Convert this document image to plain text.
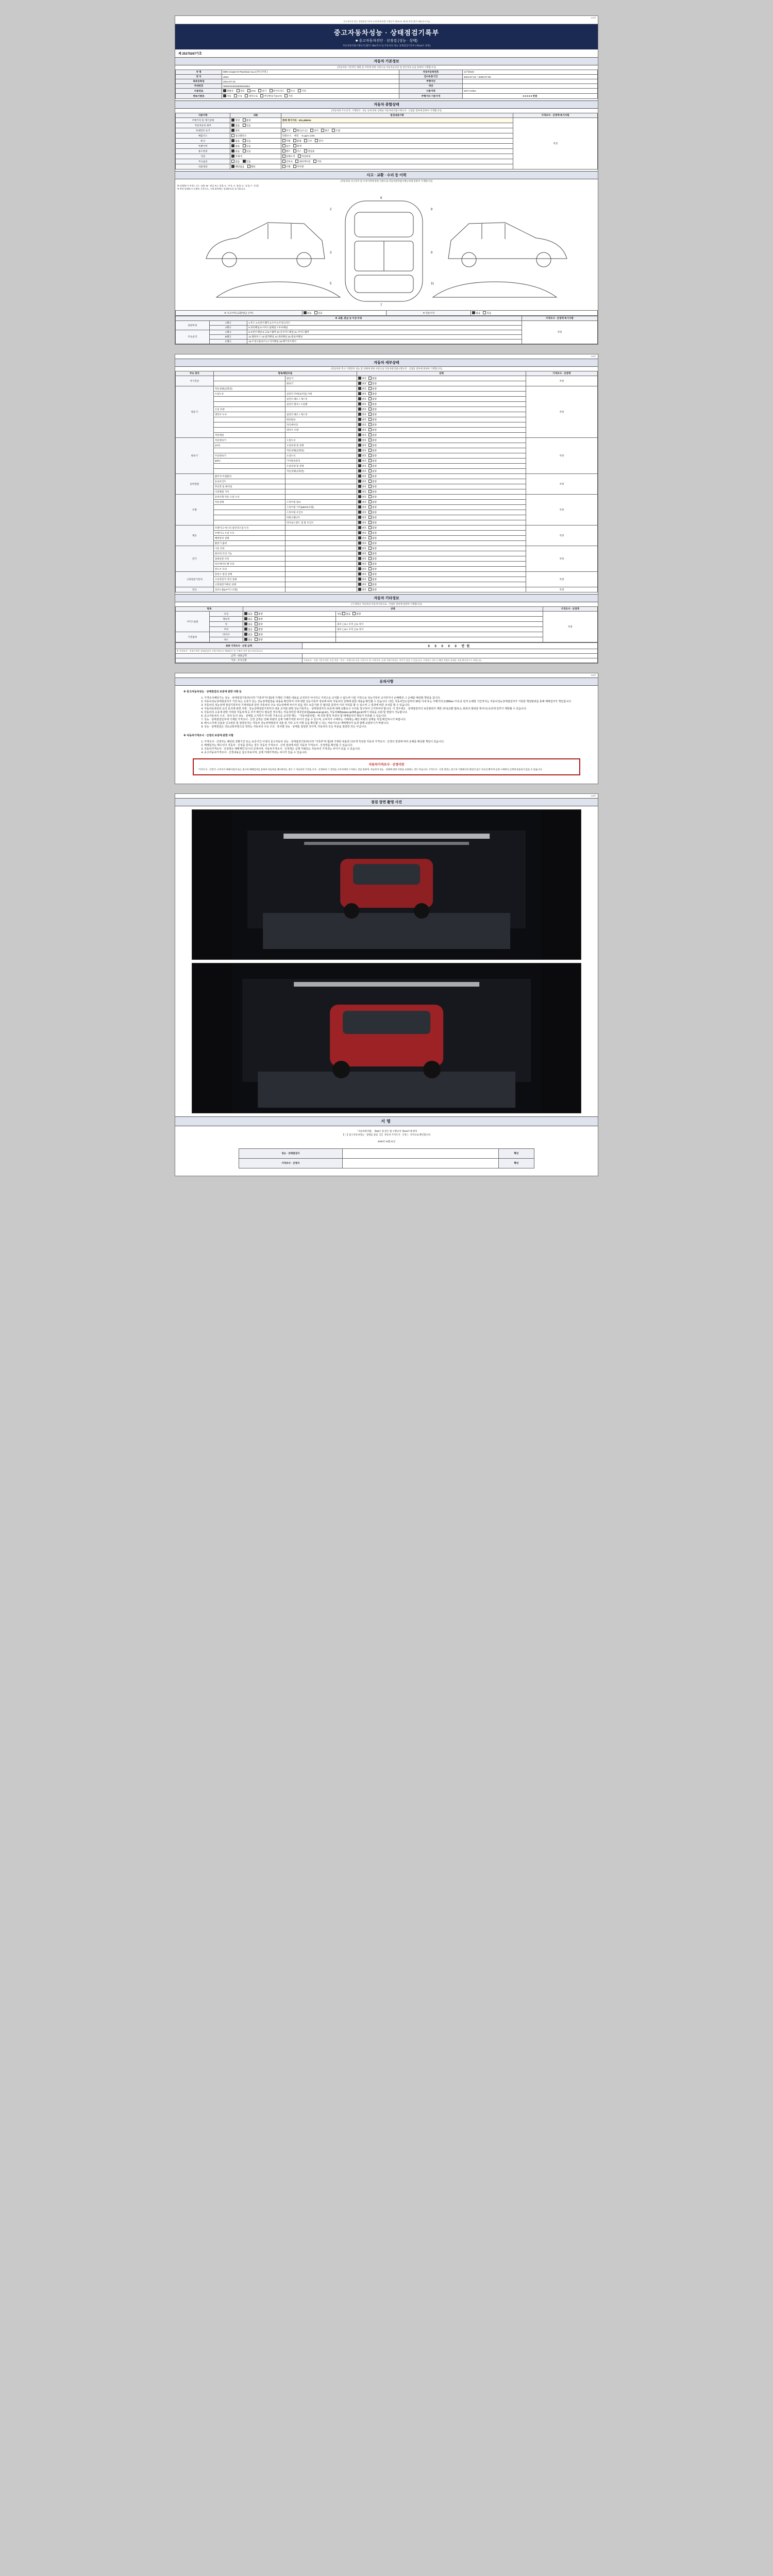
1/4면
중고자동차 성능·상태점검기록부 (자동차관리법 시행규칙 제120조 제1항 관련 [별지 제82호서식])
중고자동차성능 · 상태점검기록부
■ 중고자동차진단 · 선정검 (성능 · 상태)
자동차관리법시행규칙 [별지 제82호서식] 자동차의 성능·상태점검기록부 (제120조 관련)
제 25375267기호
자동차 기본정보
(자동차의 기본적인 제원 및 이력에 관한 사항으로 자동차등록증 및 전산정보 등을 통하여 기재합니다)
차 명	MINI Cooper D Paceman ALL4 (미니쿠퍼 )	자동차등록번호	14가6103
연 식	2013	검사유효기간	2024-07-10 ~ 2026-07-09
최초등록일	2014-07-10	주행거리	
차대번호	WMWSS32030WN42554	색상	
사용연료	휘발유 경유 LPG 전기 하이브리드 수소 기타	사용이력	NOT CODA
변속기종류	자동 수동 세미오토 무단변속기(CVT) 기타	주행거리 기준가격	0 0 0 0 0 만원
자동차 종합상태
(자동차의 주요골격, 기계장치 · 성능 등에 관한 상태로 자동차관리법시행규칙 · 산업통 절차에 준하여 기재합니다)
사용이력	내용	점검내용사항	가격조사 · 산정액 특기사항
주행거리 및 계기상태	정상 불량	현재 계기거리 : 201,450Km	적정
자동차등록 원부	없음 있음		
차대번호 표기	양호	부식 훼손(오손) 상이 변조 도말	
배출가스	일산화탄소	탄화수소 매연 % ppm 1/3%	
튜닝	없음 있음	적법 불법 구조 장치	
특별이력	없음 있음	침수 화재	
용도변경	없음 있음	렌트 리스 영업용	
색상	무채색	전체도색 색상변경	
주요옵션	없음 있음	선루프 내비게이션 기타	
리콜대상	해당없음 해당	이행 미이행	
사고 · 교환 · 수리 등 이력
(자동차의 사고유무 및 수리이력에 관한 사항으로 자동차관리법시행규칙에 준하여 기재합니다)
※ (상태표시 부호) : ( X : 교환, W : 판금 또는 용접, C : 부식, A : 흠집, U : 요철, T : 손상)
※ 하단 당해표시 도해의 기준으로, 기재 위치에는 상태부호를 표기합니다.
6
2	8
3	9
5	11
7
※ 사고이력 (교환/판금 유무)	없음	있음	※ 단순수리	없음	있음
※ 교환, 판금 등 이상 부위			가격조사 · 산정액 특기사항
외판부위	1랭크	1.후드 2.프론트휀더 3.도어 4.트렁크리드	적정
	2랭크	5.쿼터패널 6.사이드실패널 7.루프패널	
주요골격	A랭크	8.프론트패널 9.크로스멤버 10.인사이드패널 11.사이드멤버	
	B랭크	12.휠하우스 13.필러패널 14.대쉬패널 15.플로어패널	
	C랭크	16.트렁크플로어 17.리어패널 18.패키지트레이	
2/4면
자동차 세부상태
(자동차의 주요 기계장치 성능 및 상태에 관한 사항으로 자동차관리법시행규칙 · 산업통 절차에 준하여 기재합니다)
주요 장치	항목/해당부품		상태	가격조사 · 산정액
자기진단		원동기	양호 불량	적정
		변속기	양호 불량	
원동기	작동상태(공회전)		양호 불량	적정
	오일누유	실린더 커버(로커암) 카바	양호 불량	
		실린더 헤드 / 개스킷	양호 불량	
		실린더 블록 / 오일팬	양호 불량	
	오일 유량		양호 불량	
	냉각수 누수	실린더 헤드 / 개스킷	양호 불량	
		워터펌프	양호 불량	
		라디에이터	양호 불량	
		냉각수 수량	양호 불량	
	커먼레일		양호 불량	
변속기	자동변속기	오일누유	양호 불량	적정
	(A/T)	오일유량 및 상태	양호 불량	
		작동상태(공회전)	양호 불량	
	수동변속기	오일누유	양호 불량	
	(M/T)	기어변속장치	양호 불량	
		오일유량 및 상태	양호 불량	
		작동상태(공회전)	양호 불량	
동력전달	클러치 어셈블리		양호 불량	적정
	등속조인트		양호 불량	
	추진축 및 베어링		양호 불량	
	디퍼렌셜 기어		양호 불량	
조향	동력조향 작동 오일 누유		양호 불량	적정
	작동상태	스티어링 펌프	양호 불량	
		스티어링 기어(MDPS포함)	양호 불량	
		스티어링 조인트	양호 불량	
		파워크랭크트	양호 불량	
		타이로드엔드 및 볼 조인트	양호 불량	
제동	브레이크 마스터 실린더오일 누유		양호 불량	적정
	브레이크 오일 누유		양호 불량	
	배력장치 상태		양호 불량	
	발전기 출력		양호 불량	
전기	시동 모터		양호 불량	적정
	와이퍼 모터 기능		양호 불량	
	실내송풍 모터		양호 불량	
	라디에이터 팬 모터		양호 불량	
	윈도우 모터		양호 불량	
고전원전기장치	충전구 절연 상태		양호 불량	적정
	구동축전지 격리 상태		양호 불량	
	고전원전기배선 상태		양호 불량	
연료	연료누출(LP가스포함)		양호 불량	적정
자동차 기타정보
(기 항목은 자동차의 자동차기록으로 · 산업통 절차에 준하여 기재합니다)
항목		상태		가격조사 · 산정액
사이드슬립	유입	없음 불량	내입 없음 불량	적정
	제동력	없음 불량		
	뒤	없음 불량	좌우 ( )% / 우측 ( )% 차이	
	주차	없음 불량	좌우 ( )% / 우측 ( )% 차이	
기본품목	타이어	없음 불량		
	속도	없음 불량		
최종 가격조사 · 산정 금액	0 0 0 0 0 만원
※ 가격조사 · 산정가격은 상태점검자 기재가격으로 매매상사 및 구매자 간의 참고자료입니다.	
금액 · 내용금액	
가격 · 조사산정	가격조사 · 산정 기준가격은 동일 차종 · 연식 · 주행거리 등을 기준으로 한 시세이며, 실제 거래가격과는 차이가 있을 수 있습니다. 구매자는 반드시 해당 차량의 상태를 직접 확인하시기 바랍니다.
3/4면
유의사항
※ 중고자동차성능 · 상태점검의 보증에 관한 사항 등
1. 가격조사해당기는 성능 · 상태점검기록부(이하 "기록부"라 함)에 기재된 기재된 내용을 교지하지 아니하고 거짓으로 교지할 수 없으며 이를 거짓으로 성능기록부 교지하거나 손해배상 그 손해를 배상할 책임을 집니다.
2. 자동차성능상태점검자가 거짓 또는 오류가 있는 성능상태점검을 내용을 확인하여 이에 대한 성능기록부 정보에 따라 자동차의 상태에 관한 내용을 확인할 수 있습니다. 다만, 자동차인도일부터 30일 이내 또는 주행거리 2,000km 이내 중 먼저 도래한 기간까지는 자동차성능상태점검자가 기록한 책임범위를 통해 매매업자가 책임집니다.
3. 자동차의 성능상태 점검기록부의 기재내용과 달리 자동차의 주요 성능상태에 차이가 있을 경우 보증기관 간 협의를 통하여 이의 처리를 할 수 있으며 그 결과에 따른 조치를 할 수 있습니다.
4. 자동차등록번호 등의 문의에 관한 사항 : 성능상태점검기록부의 내용 교지와 관련 성능기록부는 · 상태점검자의 보증에 대해 교환요구 구사를 청구하여 고지하여야 합니다. 이 경우에도 · 상태점검자의 보증범위가 제한 되어(교환 및/또는 회피의 범위를 벗어나) 보증에 일부가 제한될 수 있습니다.
5. 자동차의 소유에 관한 이력과 자동차세 등 추가 확인이 필요한 경우에는 자동차민원 대국민포털(www.ecar.go.kr), 자동차365(www.car365.go.kr)에서 내용을 조회 및 열람이 가능합니다.
6. 중고자동차의 구조 · 장치 등의 성능 · 상태를 고지하지 아니한 거짓으로 교지한 때는 「자동차관리법」에 의한 벌칙 부과의 및 매매업자의 책임이 부과될 수 있습니다.
7. 성능 · 상태점검일자에 기재된 가격조사 · 산정 금액은 당해 차량의 실제 거래가격과 차이가 있을 수 있으며, 소비자가 구매하는 거래에는 해당 차량의 상태를 직접 확인하시기 바랍니다.
8. 해시고지에 신용과 신고번호 및 점검일자는 자동차 성능상태점검의 내용 및 기타 고지 사항 등을 확인할 수 있는 자료이므로 매매계약서 등과 함께 보관하시기 바랍니다.
9. 성능 · 상태점검은 국토교통부령으로 정하는 자동차의 주요 구조 · 장치별 성능 · 상태를 점검한 것이며, 자동차의 모든 부분을 점검한 것은 아닙니다.
※ 자동차가격조사 · 산정의 보증에 관한 사항
1. 가격조사 · 산정자는 해당된 상황기간 또는 보증기간 이내의 중고자동차 성능 · 상태점검기록부(이하 "기록부"라 함)에 기재된 내용과 다르게 작성된 자동차 가격조사 · 산정의 결과에 따라 손해를 배상할 책임이 있습니다.
2. 매매업자는 매수인이 자동차 · 산정을 원하는 경우 자동차 가격조사 · 산정 결과에 따른 자동차 가격조사 · 산정액을 확인할 수 있습니다.
3. 자동차가격조사 · 산정액은 매매계약 당시의 금액이며, 자동차가격조사 · 산정액은 실제 거래되는 자동차의 가격과는 차이가 있을 수 있습니다.
4. 중고자동차가격조사 · 산정내용은 참고자료이며, 실제 거래가격과는 차이가 있을 수 있습니다.
자동차가격조사 · 산정이란
"가격조사 · 산정"은 소비자가 매매사업자 또는 중고차 매매업자를 통하여 자동차를 매수하려는 경우 그 자동차의 가격을 조사 · 산정하여 그 결과를 소비자에게 고지하는 것을 말하며, 자동차의 성능 · 상태에 관한 사항을 보증하는 것은 아닙니다. 가격조사 · 산정 결과는 중고차 거래에서의 판단의 참고 자료일 뿐이며 실제 구매에서 금액에 준용되지 않을 수 있습니다.
4/4면
점검 장면 촬영 사진
서명
「자동차관리법」 제58조 및 같은 법 시행규칙 제120조에 따라
【 ↑ 】중고자동차성능 · 상태를 점검 【 】 자동차 가격조사 · 산정 》 자격으로 확인합니다.
2025년 11월 21일
성능 · 상태점검자		확인
가격조사 · 산정자		확인
